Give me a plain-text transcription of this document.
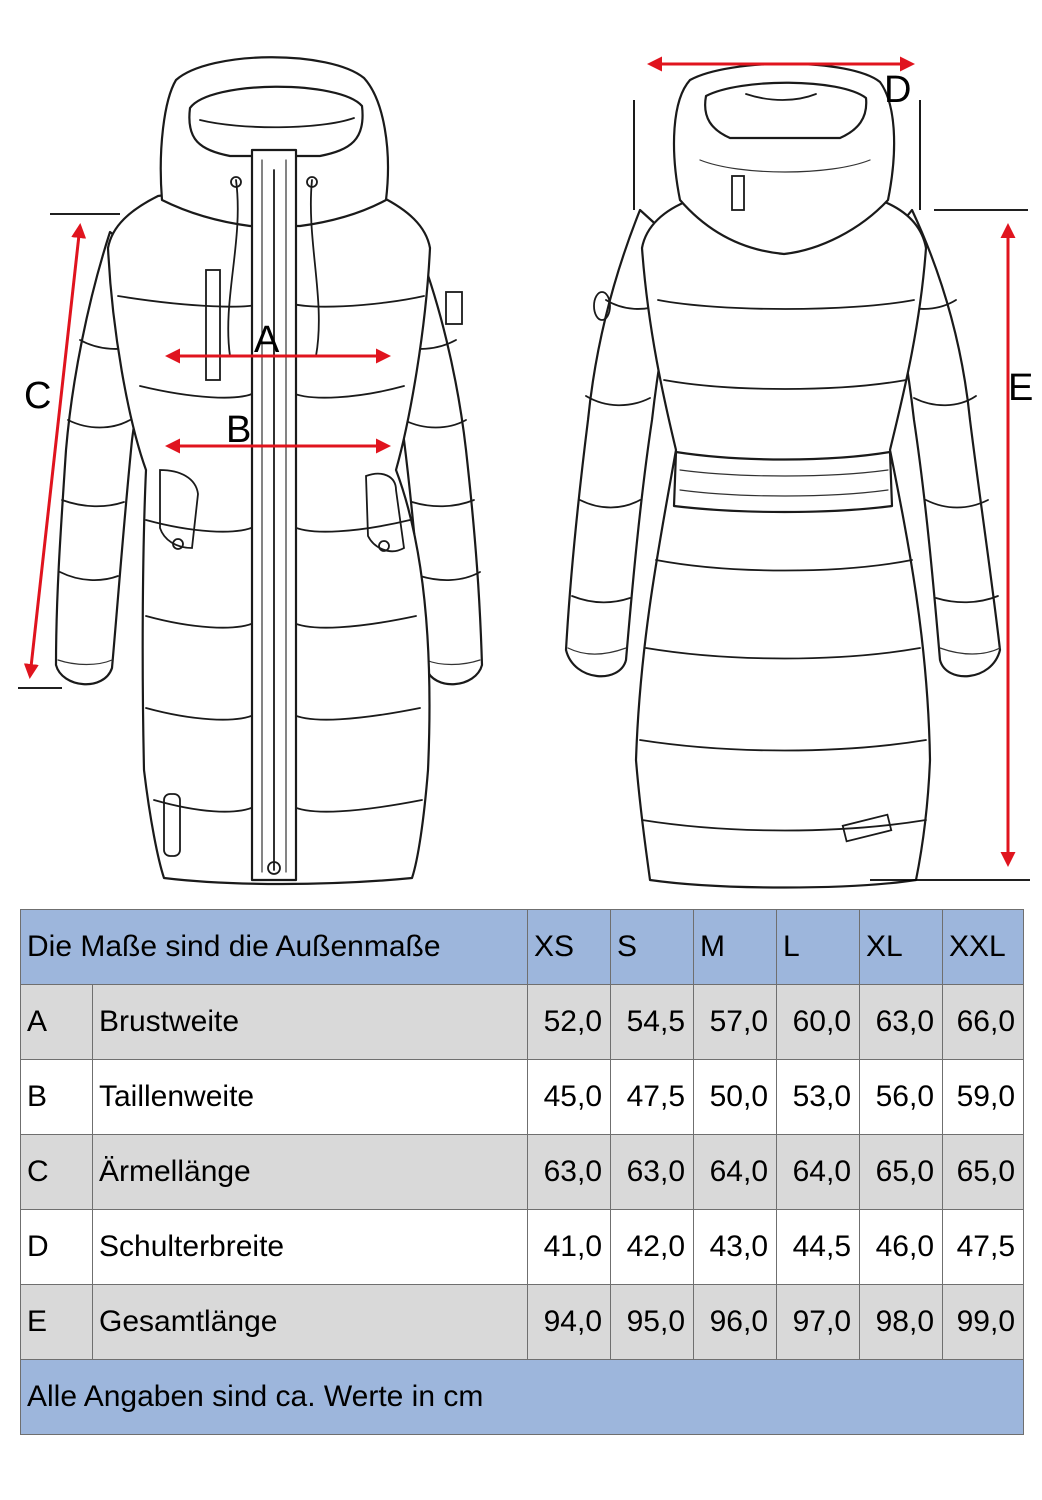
A
B
C
D
E
Die Maße sind die Außenmaße		XS	S	M	L	XL	XXL
A	Brustweite	52,0	54,5	57,0	60,0	63,0	66,0
B	Taillenweite	45,0	47,5	50,0	53,0	56,0	59,0
C	Ärmellänge	63,0	63,0	64,0	64,0	65,0	65,0
D	Schulterbreite	41,0	42,0	43,0	44,5	46,0	47,5
E	Gesamtlänge	94,0	95,0	96,0	97,0	98,0	99,0
Alle Angaben sind ca. Werte in cm							
